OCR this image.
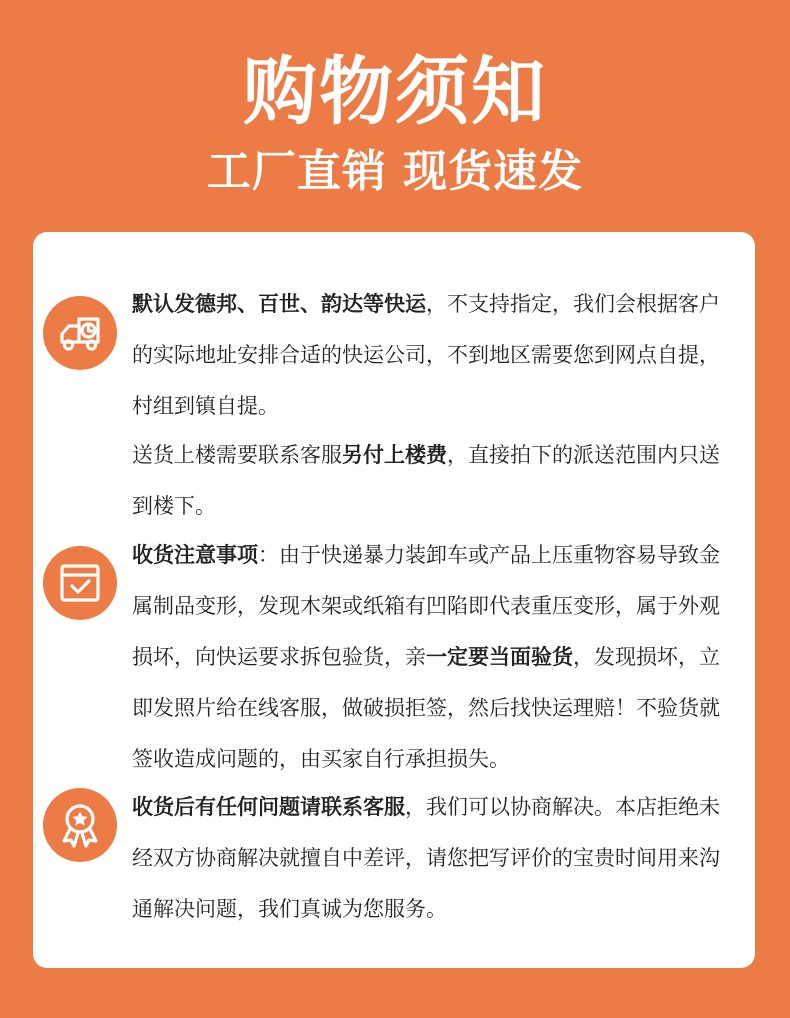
购物须知
工厂直销 现货速发

默认发德邦、百世、韵达等快运，不支持指定，我们会根据客户的实际地址安排合适的快运公司，不到地区需要您到网点自提，村组到镇自提。

送货上楼需要联系客服另付上楼费，直接拍下的派送范围内只送到楼下。

收货注意事项：由于快递暴力装卸车或产品上压重物容易导致金属制品变形，发现木架或纸箱有凹陷即代表重压变形，属于外观损坏，向快运要求拆包验货，亲一定要当面验货，发现损坏，立即发照片给在线客服，做破损拒签，然后找快运理赔！不验货就签收造成问题的，由买家自行承担损失。

收货后有任何问题请联系客服，我们可以协商解决。本店拒绝未经双方协商解决就擅自中差评，请您把写评价的宝贵时间用来沟通解决问题，我们真诚为您服务。
